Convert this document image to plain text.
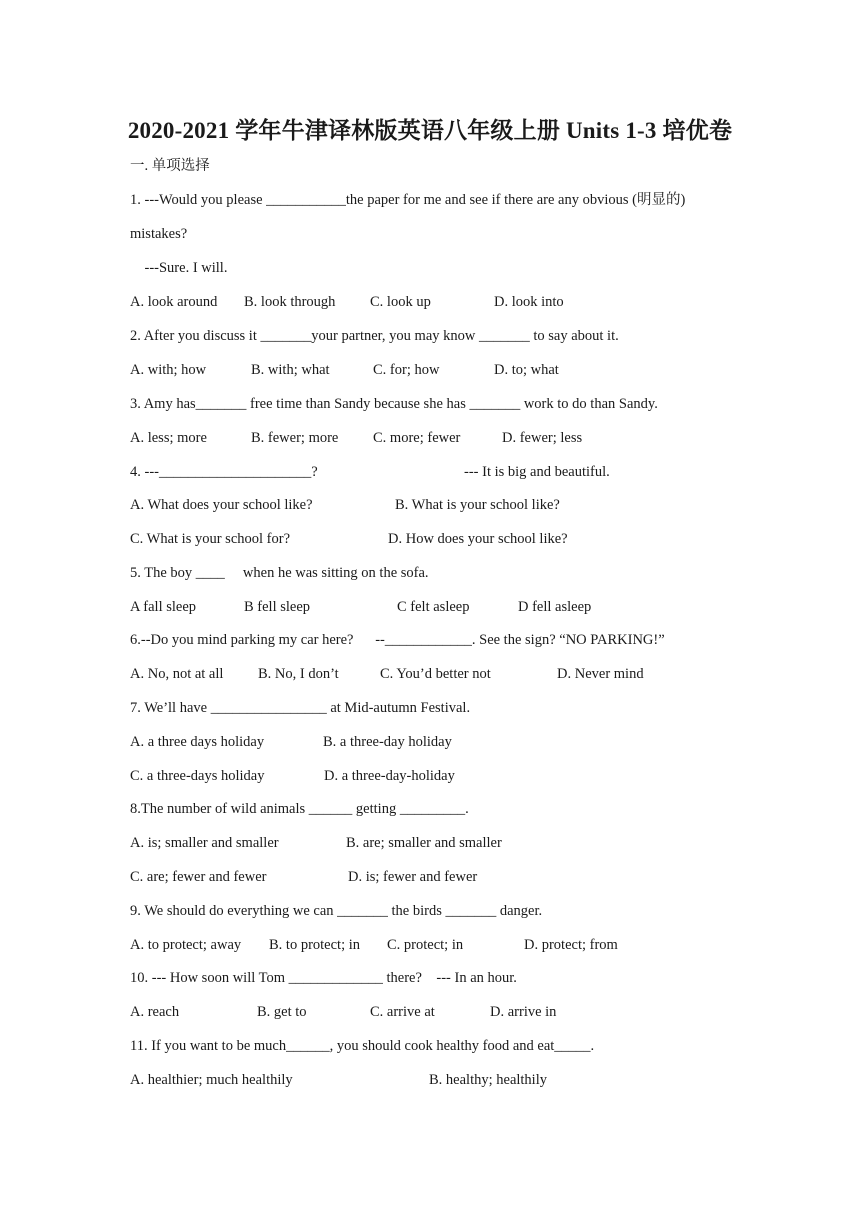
2020-2021 学年牛津译林版英语八年级上册 Units 1-3 培优卷
一. 单项选择
1. ---Would you please ___________the paper for me and see if there are any obvious (明显的)
mistakes?
---Sure. I will.

A. look around

B. look through

C. look up

	D. look into

2. After you discuss it _______your partner, you may know _______ to say about it.

A. with; how

	B. with; what

	C. for; how

	D. to; what

3. Amy has_______ free time than Sandy because she has _______ work to do than Sandy.

A. less; more

	B. fewer; more

C. more; fewer

	D. fewer; less

4. ---_____________________?

	--- It is big and beautiful.

A. What does your school like?

	B. What is your school like?

C. What is your school for?

	D. How does your school like?

5. The boy ____     when he was sitting on the sofa.

A fall sleep

	B fell sleep

	C felt asleep

	D fell asleep

6.--Do you mind parking my car here?      --____________. See the sign? “NO PARKING!”

A. No, not at all

B. No, I don’t

	C. You’d better not

	D. Never mind

7. We’ll have ________________ at Mid-autumn Festival.

A. a three days holiday

	B. a three-day holiday

C. a three-days holiday

	D. a three-day-holiday

8.The number of wild animals ______ getting _________.

A. is; smaller and smaller

	B. are; smaller and smaller

C. are; fewer and fewer

	D. is; fewer and fewer

9. We should do everything we can _______ the birds _______ danger.

A. to protect; away

B. to protect; in

C. protect; in

	D. protect; from

10. --- How soon will Tom _____________ there?    --- In an hour.

A. reach

	B. get to

	C. arrive at

	D. arrive in

11. If you want to be much______, you should cook healthy food and eat_____.

A. healthier; much healthily

	B. healthy; healthily
